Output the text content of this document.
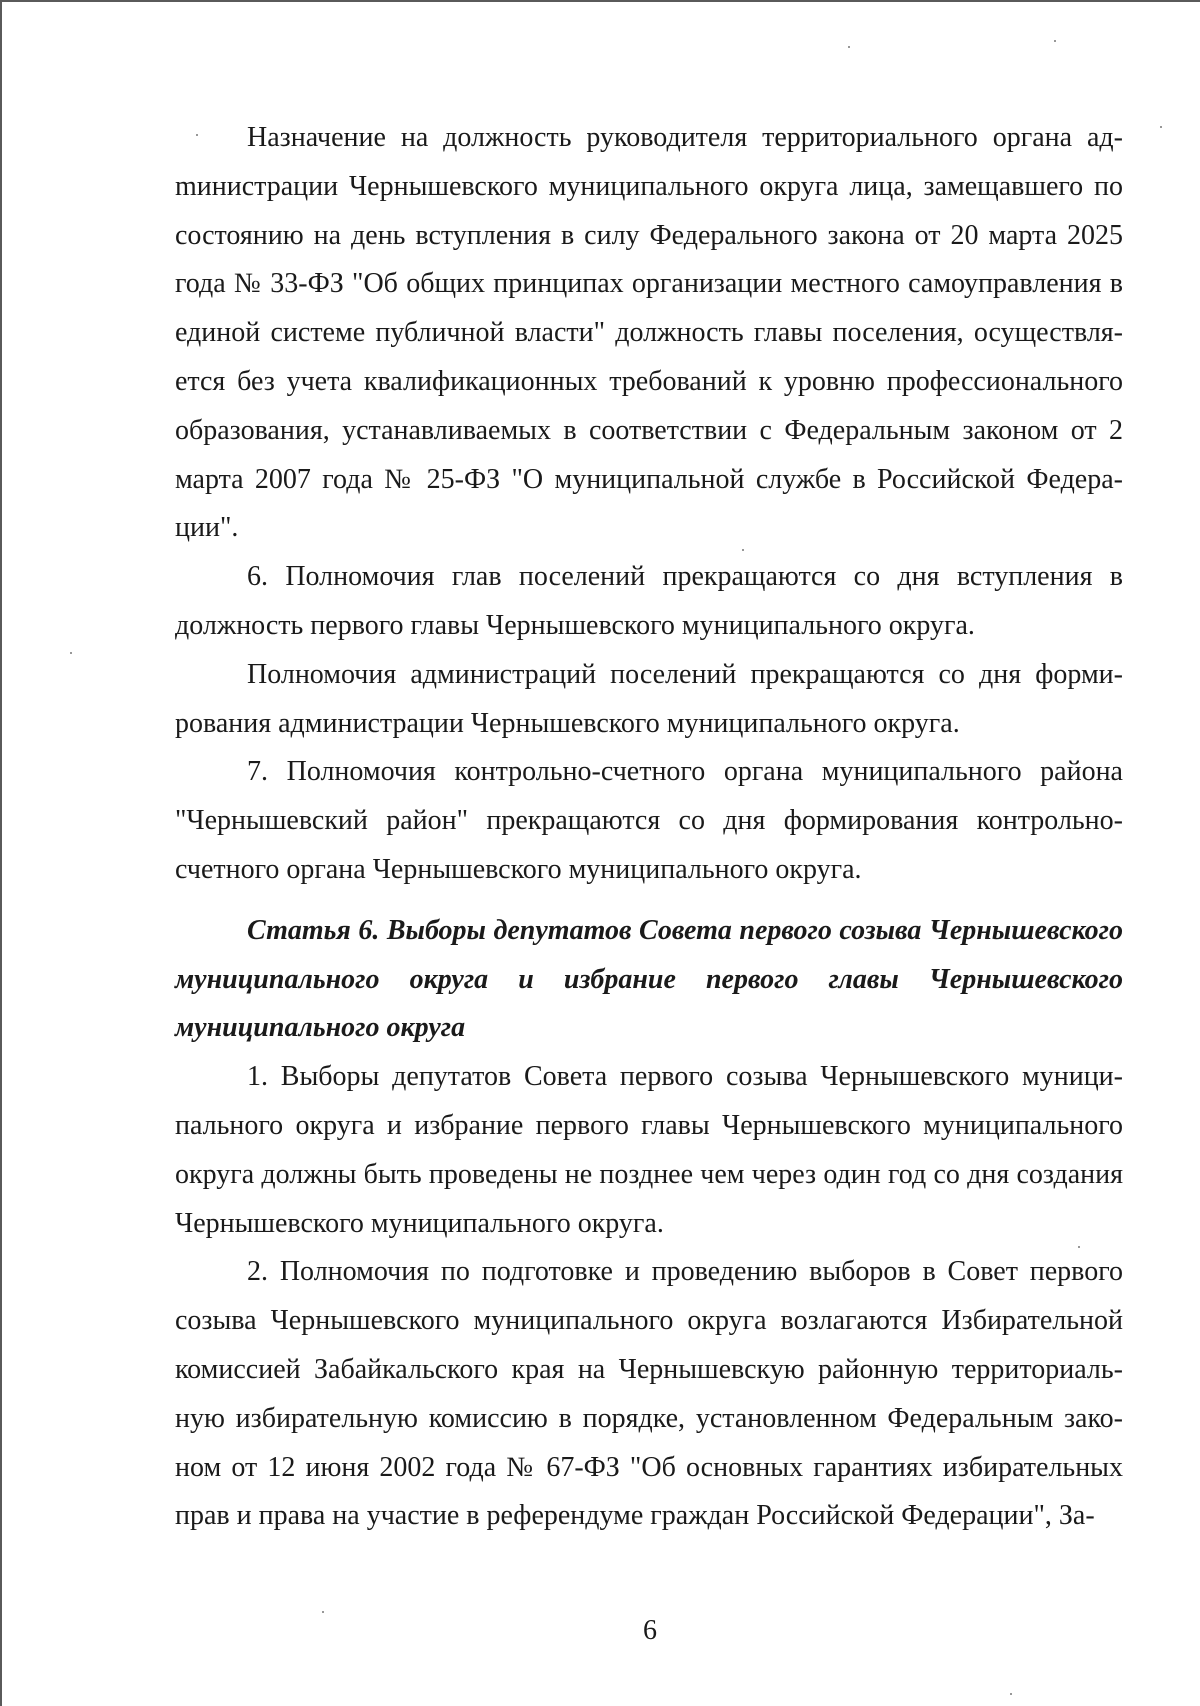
Назначение на должность руководителя территориального органа адmинистрации Чернышевского муниципального округа лица, замещавшего по состоянию на день вступления в силу Федерального закона от 20 марта 2025 года № 33-ФЗ "Об общих принципах организации местного самоуправления в единой системе публичной власти" должность главы поселения, осуществляется без учета квалификационных требований к уровню профессионального образования, устанавливаемых в соответствии с Федеральным законом от 2 марта 2007 года № 25-ФЗ "О муниципальной службе в Российской Федерации".

6. Полномочия глав поселений прекращаются со дня вступления в должность первого главы Чернышевского муниципального округа.

Полномочия администраций поселений прекращаются со дня формирования администрации Чернышевского муниципального округа.

7. Полномочия контрольно-счетного органа муниципального района "Чернышевский район" прекращаются со дня формирования контрольно-счетного органа Чернышевского муниципального округа.

Статья 6. Выборы депутатов Совета первого созыва Чернышевского муниципального округа и избрание первого главы Чернышевского муниципального округа

1. Выборы депутатов Совета первого созыва Чернышевского муниципального округа и избрание первого главы Чернышевского муниципального округа должны быть проведены не позднее чем через один год со дня создания Чернышевского муниципального округа.

2. Полномочия по подготовке и проведению выборов в Совет первого созыва Чернышевского муниципального округа возлагаются Избирательной комиссией Забайкальского края на Чернышевскую районную территориальную избирательную комиссию в порядке, установленном Федеральным законом от 12 июня 2002 года № 67-ФЗ "Об основных гарантиях избирательных прав и права на участие в референдуме граждан Российской Федерации", За-

6
